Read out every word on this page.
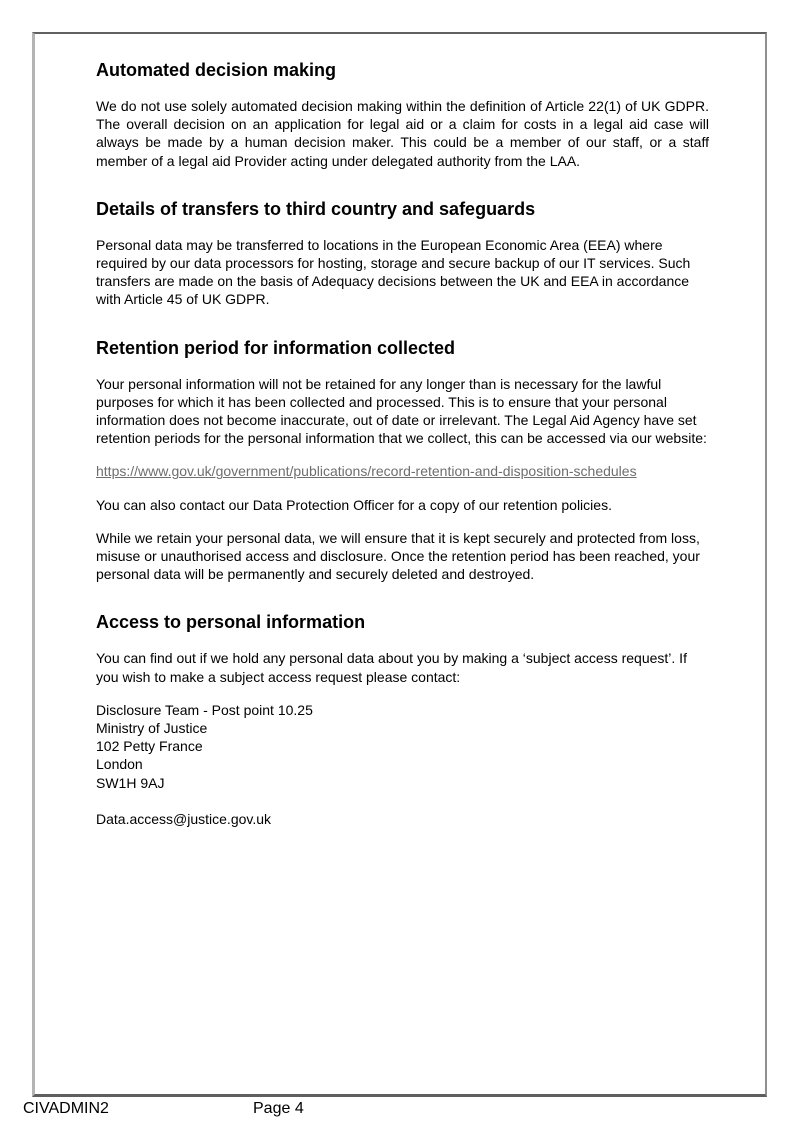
Automated decision making

We do not use solely automated decision making within the definition of Article 22(1) of UK GDPR. The overall decision on an application for legal aid or a claim for costs in a legal aid case will always be made by a human decision maker. This could be a member of our staff, or a staff member of a legal aid Provider acting under delegated authority from the LAA.

Details of transfers to third country and safeguards

Personal data may be transferred to locations in the European Economic Area (EEA) where required by our data processors for hosting, storage and secure backup of our IT services. Such transfers are made on the basis of Adequacy decisions between the UK and EEA in accordance with Article 45 of UK GDPR.

Retention period for information collected

Your personal information will not be retained for any longer than is necessary for the lawful purposes for which it has been collected and processed. This is to ensure that your personal information does not become inaccurate, out of date or irrelevant. The Legal Aid Agency have set retention periods for the personal information that we collect, this can be accessed via our website:

https://www.gov.uk/government/publications/record-retention-and-disposition-schedules

You can also contact our Data Protection Officer for a copy of our retention policies.

While we retain your personal data, we will ensure that it is kept securely and protected from loss, misuse or unauthorised access and disclosure. Once the retention period has been reached, your personal data will be permanently and securely deleted and destroyed.

Access to personal information

You can find out if we hold any personal data about you by making a ‘subject access request’. If you wish to make a subject access request please contact:

Disclosure Team - Post point 10.25
Ministry of Justice
102 Petty France
London
SW1H 9AJ

Data.access@justice.gov.uk

CIVADMIN2	Page 4
